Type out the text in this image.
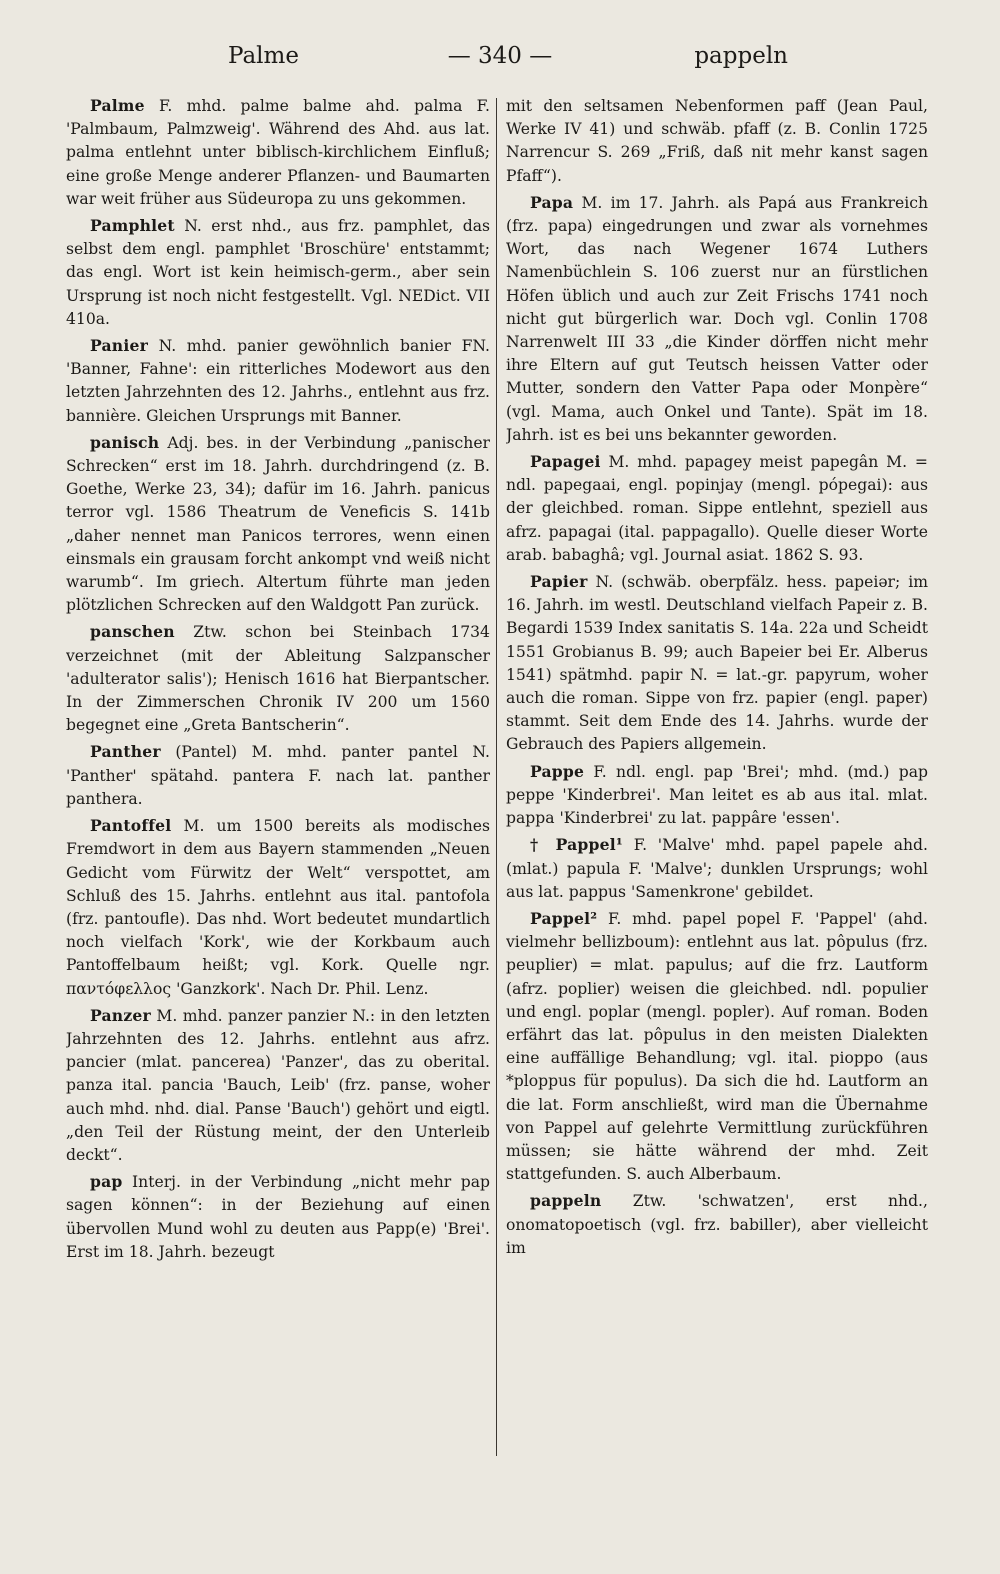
Palme	— 340 —	pappeln

Palme F. mhd. palme balme ahd. palma F. 'Palmbaum, Palmzweig'. Während des Ahd. aus lat. palma entlehnt unter biblisch-kirchlichem Einfluß; eine große Menge anderer Pflanzen- und Baumarten war weit früher aus Südeuropa zu uns gekommen.

Pamphlet N. erst nhd., aus frz. pamphlet, das selbst dem engl. pamphlet 'Broschüre' entstammt; das engl. Wort ist kein heimisch-germ., aber sein Ursprung ist noch nicht festgestellt. Vgl. NEDict. VII 410a.

Panier N. mhd. panier gewöhnlich banier FN. 'Banner, Fahne': ein ritterliches Modewort aus den letzten Jahrzehnten des 12. Jahrhs., entlehnt aus frz. bannière. Gleichen Ursprungs mit Banner.

panisch Adj. bes. in der Verbindung „panischer Schrecken“ erst im 18. Jahrh. durchdringend (z. B. Goethe, Werke 23, 34); dafür im 16. Jahrh. panicus terror vgl. 1586 Theatrum de Veneficis S. 141b „daher nennet man Panicos terrores, wenn einen einsmals ein grausam forcht ankompt vnd weiß nicht warumb“. Im griech. Altertum führte man jeden plötzlichen Schrecken auf den Waldgott Pan zurück.

panschen Ztw. schon bei Steinbach 1734 verzeichnet (mit der Ableitung Salzpanscher 'adulterator salis'); Henisch 1616 hat Bierpantscher. In der Zimmerschen Chronik IV 200 um 1560 begegnet eine „Greta Bantscherin“.

Panther (Pantel) M. mhd. panter pantel N. 'Panther' spätahd. pantera F. nach lat. panther panthera.

Pantoffel M. um 1500 bereits als modisches Fremdwort in dem aus Bayern stammenden „Neuen Gedicht vom Fürwitz der Welt“ verspottet, am Schluß des 15. Jahrhs. entlehnt aus ital. pantofola (frz. pantoufle). Das nhd. Wort bedeutet mundartlich noch vielfach 'Kork', wie der Korkbaum auch Pantoffelbaum heißt; vgl. Kork. Quelle ngr. παντόφελλος 'Ganzkork'. Nach Dr. Phil. Lenz.

Panzer M. mhd. panzer panzier N.: in den letzten Jahrzehnten des 12. Jahrhs. entlehnt aus afrz. pancier (mlat. pancerea) 'Panzer', das zu oberital. panza ital. pancia 'Bauch, Leib' (frz. panse, woher auch mhd. nhd. dial. Panse 'Bauch') gehört und eigtl. „den Teil der Rüstung meint, der den Unterleib deckt“.

pap Interj. in der Verbindung „nicht mehr pap sagen können“: in der Beziehung auf einen übervollen Mund wohl zu deuten aus Papp(e) 'Brei'. Erst im 18. Jahrh. bezeugt

mit den seltsamen Nebenformen paff (Jean Paul, Werke IV 41) und schwäb. pfaff (z. B. Conlin 1725 Narrencur S. 269 „Friß, daß nit mehr kanst sagen Pfaff“).

Papa M. im 17. Jahrh. als Papá aus Frankreich (frz. papa) eingedrungen und zwar als vornehmes Wort, das nach Wegener 1674 Luthers Namenbüchlein S. 106 zuerst nur an fürstlichen Höfen üblich und auch zur Zeit Frischs 1741 noch nicht gut bürgerlich war. Doch vgl. Conlin 1708 Narrenwelt III 33 „die Kinder dörffen nicht mehr ihre Eltern auf gut Teutsch heissen Vatter oder Mutter, sondern den Vatter Papa oder Monpère“ (vgl. Mama, auch Onkel und Tante). Spät im 18. Jahrh. ist es bei uns bekannter geworden.

Papagei M. mhd. papagey meist papegân M. = ndl. papegaai, engl. popinjay (mengl. pópegai): aus der gleichbed. roman. Sippe entlehnt, speziell aus afrz. papagai (ital. pappagallo). Quelle dieser Worte arab. babaghâ; vgl. Journal asiat. 1862 S. 93.

Papier N. (schwäb. oberpfälz. hess. papeiər; im 16. Jahrh. im westl. Deutschland vielfach Papeir z. B. Begardi 1539 Index sanitatis S. 14a. 22a und Scheidt 1551 Grobianus B. 99; auch Bapeier bei Er. Alberus 1541) spätmhd. papir N. = lat.-gr. papyrum, woher auch die roman. Sippe von frz. papier (engl. paper) stammt. Seit dem Ende des 14. Jahrhs. wurde der Gebrauch des Papiers allgemein.

Pappe F. ndl. engl. pap 'Brei'; mhd. (md.) pap peppe 'Kinderbrei'. Man leitet es ab aus ital. mlat. pappa 'Kinderbrei' zu lat. pappâre 'essen'.

† Pappel¹ F. 'Malve' mhd. papel papele ahd. (mlat.) papula F. 'Malve'; dunklen Ursprungs; wohl aus lat. pappus 'Samenkrone' gebildet.

Pappel² F. mhd. papel popel F. 'Pappel' (ahd. vielmehr bellizboum): entlehnt aus lat. pôpulus (frz. peuplier) = mlat. papulus; auf die frz. Lautform (afrz. poplier) weisen die gleichbed. ndl. populier und engl. poplar (mengl. popler). Auf roman. Boden erfährt das lat. pôpulus in den meisten Dialekten eine auffällige Behandlung; vgl. ital. pioppo (aus *ploppus für populus). Da sich die hd. Lautform an die lat. Form anschließt, wird man die Übernahme von Pappel auf gelehrte Vermittlung zurückführen müssen; sie hätte während der mhd. Zeit stattgefunden. S. auch Alberbaum.

pappeln Ztw. 'schwatzen', erst nhd., onomatopoetisch (vgl. frz. babiller), aber vielleicht im
